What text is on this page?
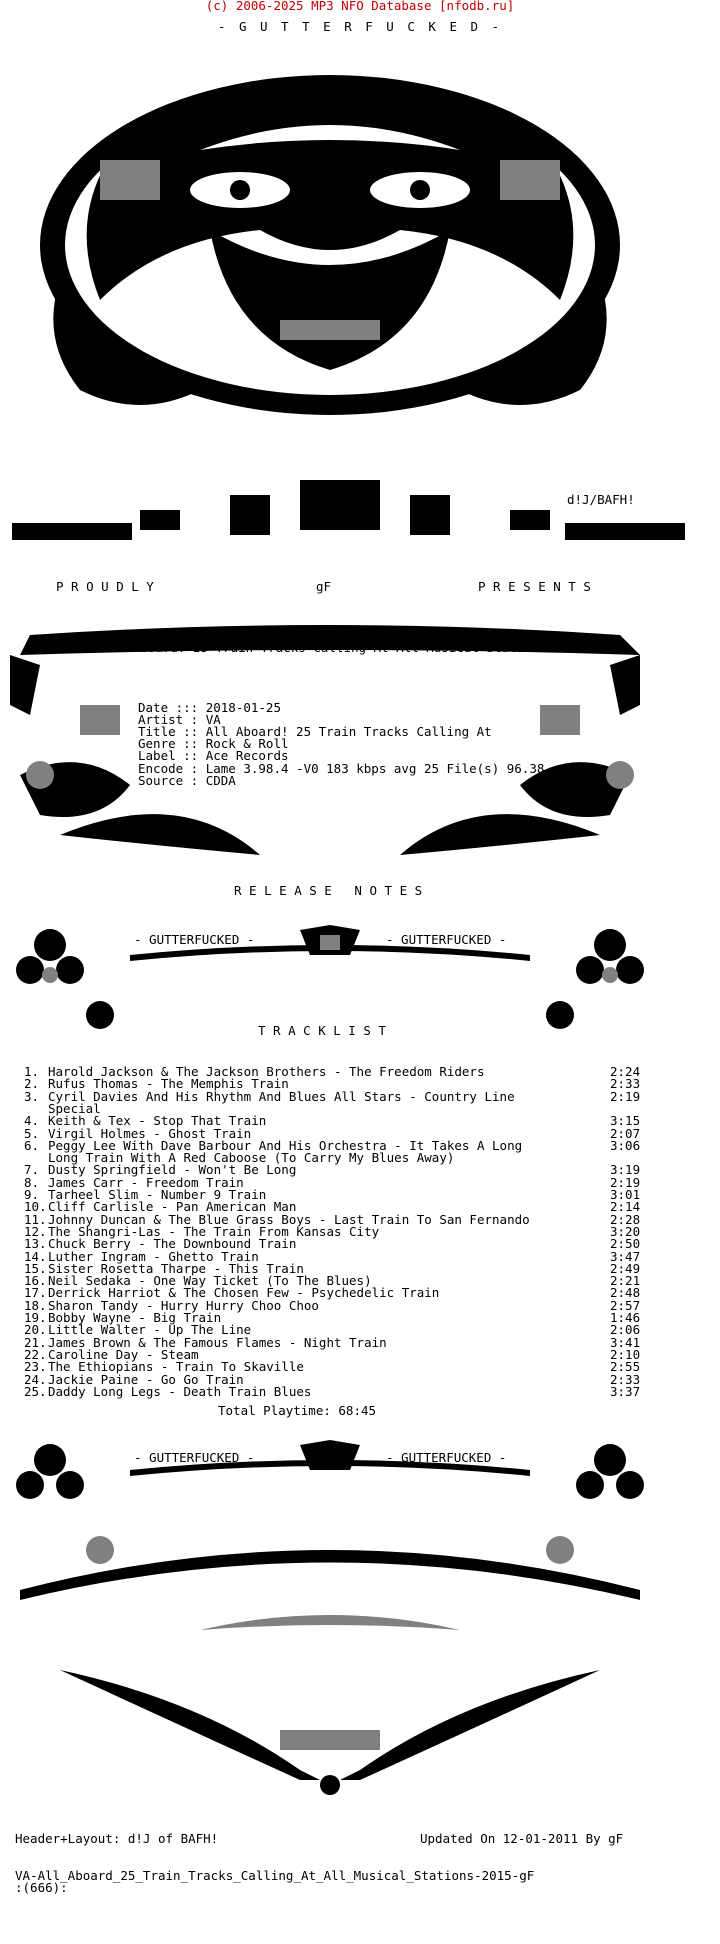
(c) 2006-2025 MP3 NFO Database [nfodb.ru]
- G U T T E R F U C K E D -
d!J/BAFH!
P R O U D L Y	gF	P R E S E N T S
VA - All Aboard! 25 Train Tracks Calling At All Musical Stations
Date ::: 2018-01-25
Artist : VA
Title :: All Aboard! 25 Train Tracks Calling At
Genre :: Rock & Roll
Label :: Ace Records
Encode : Lame 3.98.4 -V0 183 kbps avg 25 File(s) 96.38
Source : CDDA
R E L E A S E   N O T E S
- GUTTERFUCKED -	- GUTTERFUCKED -
T R A C K L I S T
1. Harold Jackson & The Jackson Brothers - The Freedom Riders	2:24
2. Rufus Thomas - The Memphis Train	2:33
3. Cyril Davies And His Rhythm And Blues All Stars - Country Line	2:19
Special
4. Keith & Tex - Stop That Train	3:15
5. Virgil Holmes - Ghost Train	2:07
6. Peggy Lee With Dave Barbour And His Orchestra - It Takes A Long	3:06
Long Train With A Red Caboose (To Carry My Blues Away)
7. Dusty Springfield - Won't Be Long	3:19
8. James Carr - Freedom Train	2:19
9. Tarheel Slim - Number 9 Train	3:01
10. Cliff Carlisle - Pan American Man	2:14
11. Johnny Duncan & The Blue Grass Boys - Last Train To San Fernando	2:28
12. The Shangri-Las - The Train From Kansas City	3:20
13. Chuck Berry - The Downbound Train	2:50
14. Luther Ingram - Ghetto Train	3:47
15. Sister Rosetta Tharpe - This Train	2:49
16. Neil Sedaka - One Way Ticket (To The Blues)	2:21
17. Derrick Harriot & The Chosen Few - Psychedelic Train	2:48
18. Sharon Tandy - Hurry Hurry Choo Choo	2:57
19. Bobby Wayne - Big Train	1:46
20. Little Walter - Up The Line	2:06
21. James Brown & The Famous Flames - Night Train	3:41
22. Caroline Day - Steam	2:10
23. The Ethiopians - Train To Skaville	2:55
24. Jackie Paine - Go Go Train	2:33
25. Daddy Long Legs - Death Train Blues	3:37
Total Playtime: 68:45
- GUTTERFUCKED -	- GUTTERFUCKED -
Header+Layout: d!J of BAFH!	Updated On 12-01-2011 By gF
VA-All_Aboard_25_Train_Tracks_Calling_At_All_Musical_Stations-2015-gF
:(666):
